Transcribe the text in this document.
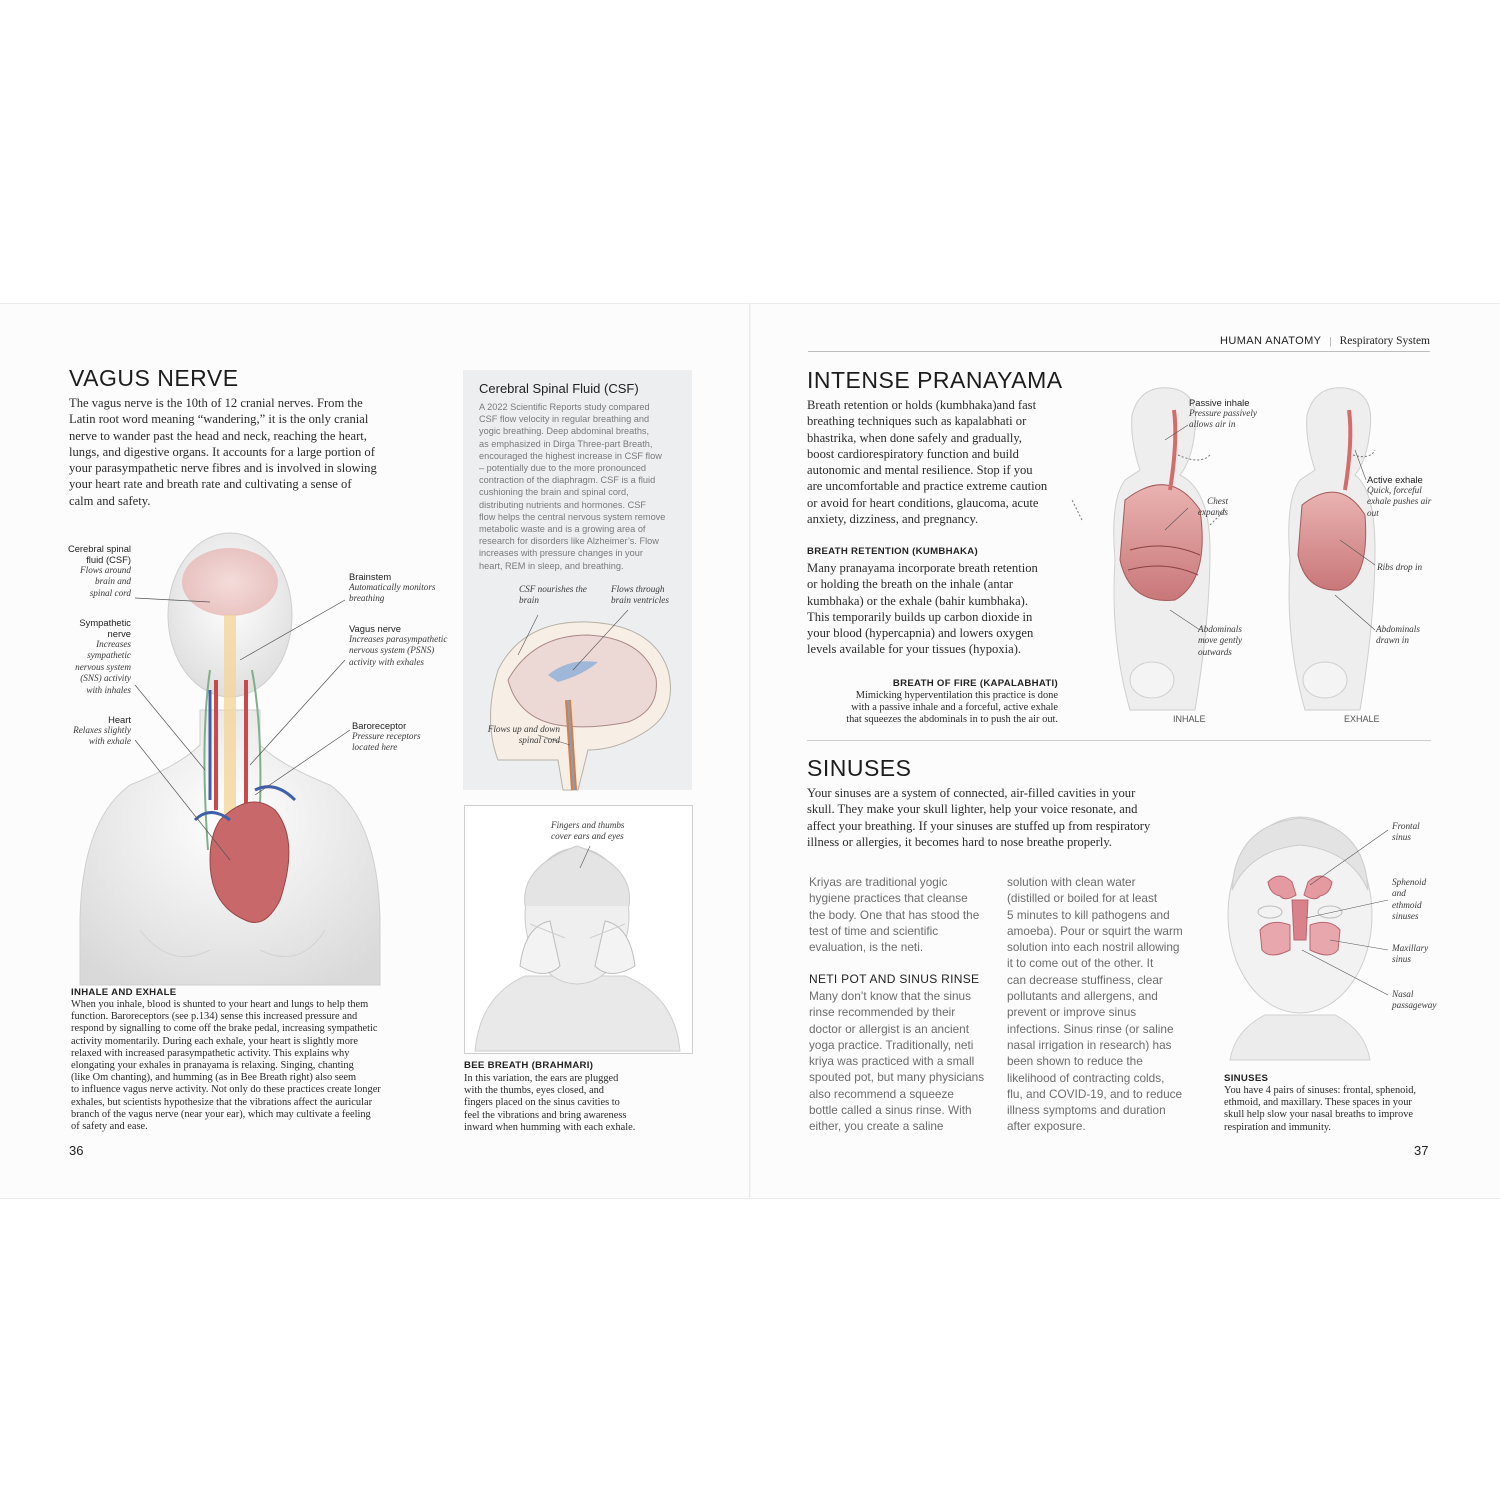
HUMAN ANATOMY | Respiratory System
VAGUS NERVE
The vagus nerve is the 10th of 12 cranial nerves. From the
Latin root word meaning “wandering,” it is the only cranial
nerve to wander past the head and neck, reaching the heart,
lungs, and digestive organs. It accounts for a large portion of
your parasympathetic nerve fibres and is involved in slowing
your heart rate and breath rate and cultivating a sense of
calm and safety.
Cerebral spinal fluid (CSF)
Flows around brain and spinal cord
Sympathetic nerve
Increases sympathetic nervous system (SNS) activity with inhales
Heart
Relaxes slightly with exhale
Brainstem
Automatically monitors breathing
Vagus nerve
Increases parasympathetic nervous system (PSNS) activity with exhales
Baroreceptor
Pressure receptors located here
INHALE AND EXHALE
When you inhale, blood is shunted to your heart and lungs to help them
function. Baroreceptors (see p.134) sense this increased pressure and
respond by signalling to come off the brake pedal, increasing sympathetic
activity momentarily. During each exhale, your heart is slightly more
relaxed with increased parasympathetic activity. This explains why
elongating your exhales in pranayama is relaxing. Singing, chanting
(like Om chanting), and humming (as in Bee Breath right) also seem
to influence vagus nerve activity. Not only do these practices create longer
exhales, but scientists hypothesize that the vibrations affect the auricular
branch of the vagus nerve (near your ear), which may cultivate a feeling
of safety and ease.
36
Cerebral Spinal Fluid (CSF)
A 2022 Scientific Reports study compared
CSF flow velocity in regular breathing and
yogic breathing. Deep abdominal breaths,
as emphasized in Dirga Three-part Breath,
encouraged the highest increase in CSF flow
– potentially due to the more pronounced
contraction of the diaphragm. CSF is a fluid
cushioning the brain and spinal cord,
distributing nutrients and hormones. CSF
flow helps the central nervous system remove
metabolic waste and is a growing area of
research for disorders like Alzheimer’s. Flow
increases with pressure changes in your
heart, REM in sleep, and breathing.
CSF nourishes the brain
Flows through brain ventricles
Flows up and down spinal cord
Fingers and thumbs cover ears and eyes
BEE BREATH (BRAHMARI)
In this variation, the ears are plugged
with the thumbs, eyes closed, and
fingers placed on the sinus cavities to
feel the vibrations and bring awareness
inward when humming with each exhale.
INTENSE PRANAYAMA
Breath retention or holds (kumbhaka)and fast
breathing techniques such as kapalabhati or
bhastrika, when done safely and gradually,
boost cardiorespiratory function and build
autonomic and mental resilience. Stop if you
are uncomfortable and practice extreme caution
or avoid for heart conditions, glaucoma, acute
anxiety, dizziness, and pregnancy.
BREATH RETENTION (KUMBHAKA)
Many pranayama incorporate breath retention
or holding the breath on the inhale (antar
kumbhaka) or the exhale (bahir kumbhaka).
This temporarily builds up carbon dioxide in
your blood (hypercapnia) and lowers oxygen
levels available for your tissues (hypoxia).
BREATH OF FIRE (KAPALABHATI)
Mimicking hyperventilation this practice is done
with a passive inhale and a forceful, active exhale
that squeezes the abdominals in to push the air out.
Passive inhale
Pressure passively allows air in
Chest expands
Abdominals move gently outwards
Active exhale
Quick, forceful exhale pushes air out
Ribs drop in
Abdominals drawn in
INHALE	EXHALE
SINUSES
Your sinuses are a system of connected, air-filled cavities in your
skull. They make your skull lighter, help your voice resonate, and
affect your breathing. If your sinuses are stuffed up from respiratory
illness or allergies, it becomes hard to nose breathe properly.
Kriyas are traditional yogic
hygiene practices that cleanse
the body. One that has stood the
test of time and scientific
evaluation, is the neti.
NETI POT AND SINUS RINSE
Many don’t know that the sinus
rinse recommended by their
doctor or allergist is an ancient
yoga practice. Traditionally, neti
kriya was practiced with a small
spouted pot, but many physicians
also recommend a squeeze
bottle called a sinus rinse. With
either, you create a saline
solution with clean water
(distilled or boiled for at least
5 minutes to kill pathogens and
amoeba). Pour or squirt the warm
solution into each nostril allowing
it to come out of the other. It
can decrease stuffiness, clear
pollutants and allergens, and
prevent or improve sinus
infections. Sinus rinse (or saline
nasal irrigation in research) has
been shown to reduce the
likelihood of contracting colds,
flu, and COVID-19, and to reduce
illness symptoms and duration
after exposure.
Frontal sinus
Sphenoid and ethmoid sinuses
Maxillary sinus
Nasal passageway
SINUSES
You have 4 pairs of sinuses: frontal, sphenoid,
ethmoid, and maxillary. These spaces in your
skull help slow your nasal breaths to improve
respiration and immunity.
37
